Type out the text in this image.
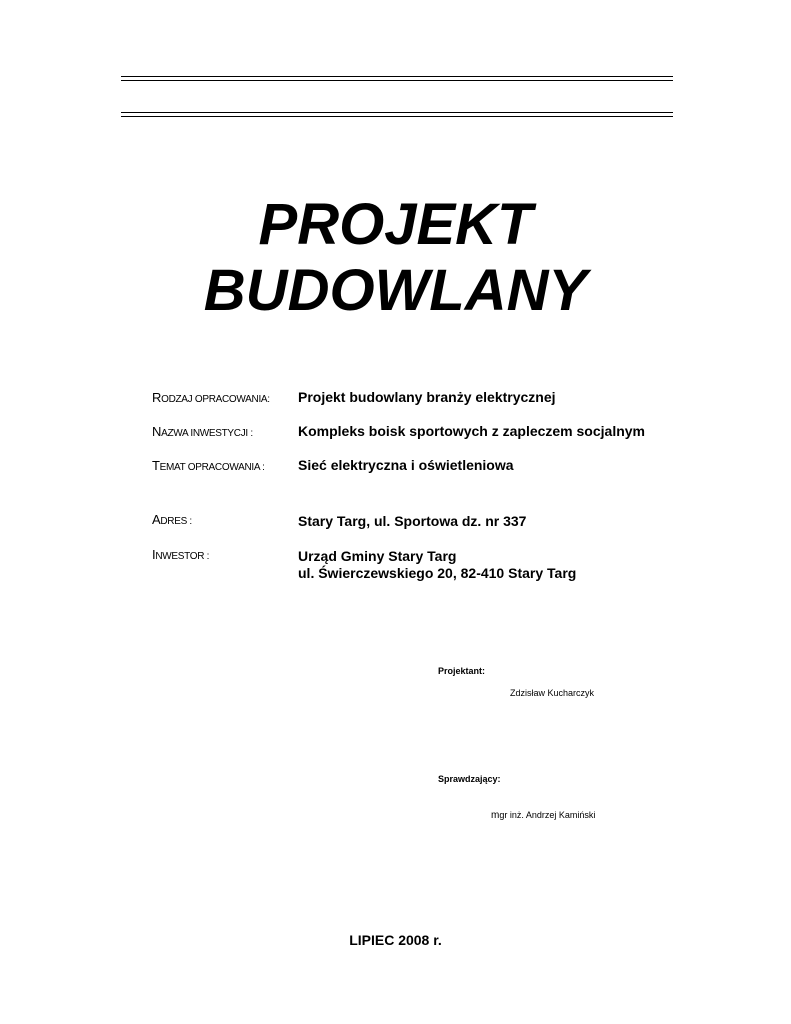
PROJEKT
BUDOWLANY
RODZAJ OPRACOWANIA: Projekt budowlany branży elektrycznej
NAZWA INWESTYCJI :	Kompleks boisk sportowych z zapleczem socjalnym
TEMAT OPRACOWANIA : Sieć elektryczna i oświetleniowa
ADRES :	Stary Targ, ul. Sportowa dz. nr 337
INWESTOR :	Urząd Gminy Stary Targ
ul. Świerczewskiego 20, 82-410 Stary Targ
Projektant:
Zdzisław Kucharczyk
Sprawdzający:
mgr inż. Andrzej Kamiński
LIPIEC 2008 r.
